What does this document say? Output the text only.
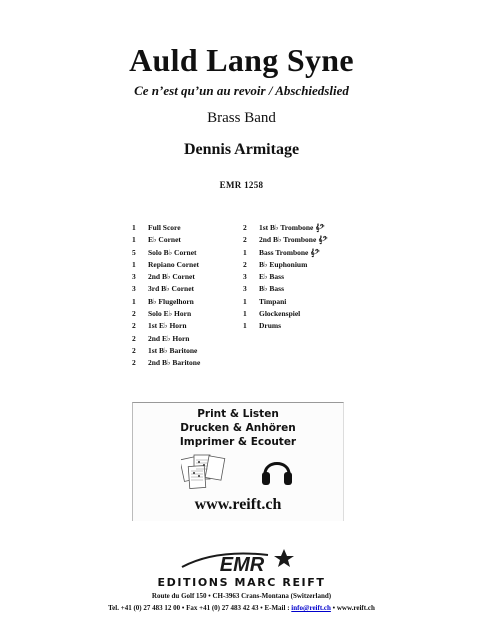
Auld Lang Syne
Ce n’est qu’un au revoir / Abschiedslied
Brass Band
Dennis Armitage
EMR 1258
1	Full Score
1	E♭ Cornet
5	Solo B♭ Cornet
1	Repiano Cornet
3	2nd B♭ Cornet
3	3rd B♭ Cornet
1	B♭ Flugelhorn
2	Solo E♭ Horn
2	1st E♭ Horn
2	2nd E♭ Horn
2	1st B♭ Baritone
2	2nd B♭ Baritone
2	1st B♭ Trombone 𝄞𝄢
2	2nd B♭ Trombone 𝄞𝄢
1	Bass Trombone 𝄞𝄢
2	B♭ Euphonium
3	E♭ Bass
3	B♭ Bass
1	Timpani
1	Glockenspiel
1	Drums
Print & Listen
Drucken & Anhören
Imprimer & Ecouter
www.reift.ch
EMR
EDITIONS MARC REIFT
Route du Golf 150 • CH-3963 Crans-Montana (Switzerland)
Tel. +41 (0) 27 483 12 00 • Fax +41 (0) 27 483 42 43 • E-Mail : info@reift.ch • www.reift.ch
